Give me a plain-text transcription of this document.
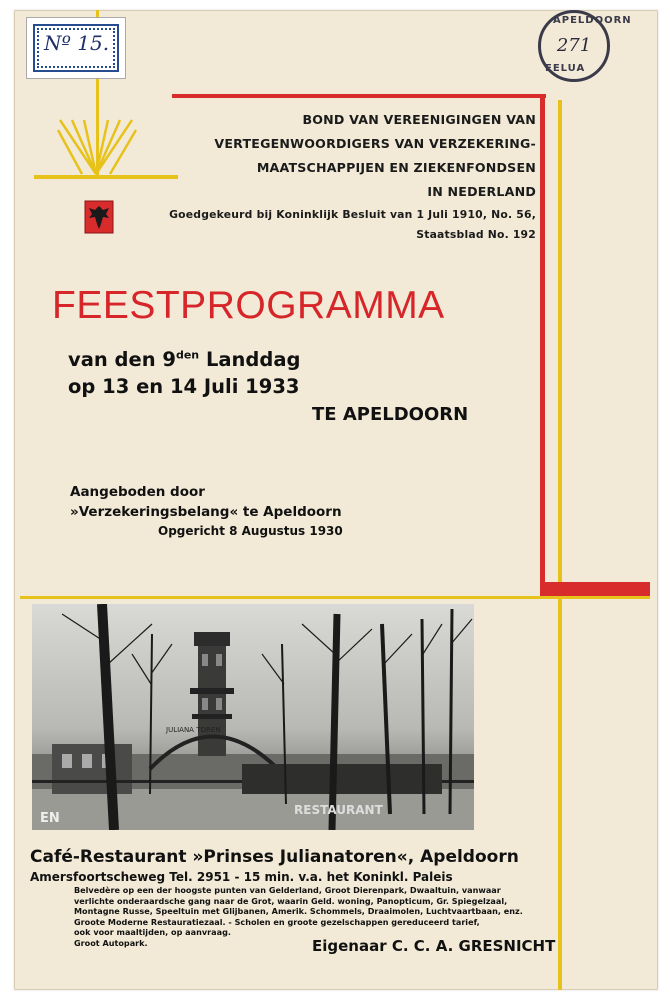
Nº 15.
APELDOORN
FELUA
271
BOND VAN VEREENIGINGEN VAN
VERTEGENWOORDIGERS VAN VERZEKERING-
MAATSCHAPPIJEN EN ZIEKENFONDSEN
IN NEDERLAND
Goedgekeurd bij Koninklijk Besluit van 1 Juli 1910, No. 56,
Staatsblad No. 192
FEESTPROGRAMMA
van den $9^{den}$ Landdag
op 13 en 14 Juli 1933
TE APELDOORN
Aangeboden door
»Verzekeringsbelang« te Apeldoorn
Opgericht 8 Augustus 1930
EN
RESTAURANT
JULIANA TOREN
Café-Restaurant »Prinses Julianatoren«, Apeldoorn
Amersfoortscheweg Tel. 2951 - 15 min. v.a. het Koninkl. Paleis
Belvedère op een der hoogste punten van Gelderland, Groot Dierenpark, Dwaaltuin, vanwaar
verlichte onderaardsche gang naar de Grot, waarin Geld. woning, Panopticum, Gr. Spiegelzaal,
Montagne Russe, Speeltuin met Glijbanen, Amerik. Schommels, Draaimolen, Luchtvaartbaan, enz.
Groote Moderne Restauratiezaal. - Scholen en groote gezelschappen gereduceerd tarief,
ook voor maaltijden, op aanvraag.
Groot Autopark.	Eigenaar C. C. A. GRESNICHT
